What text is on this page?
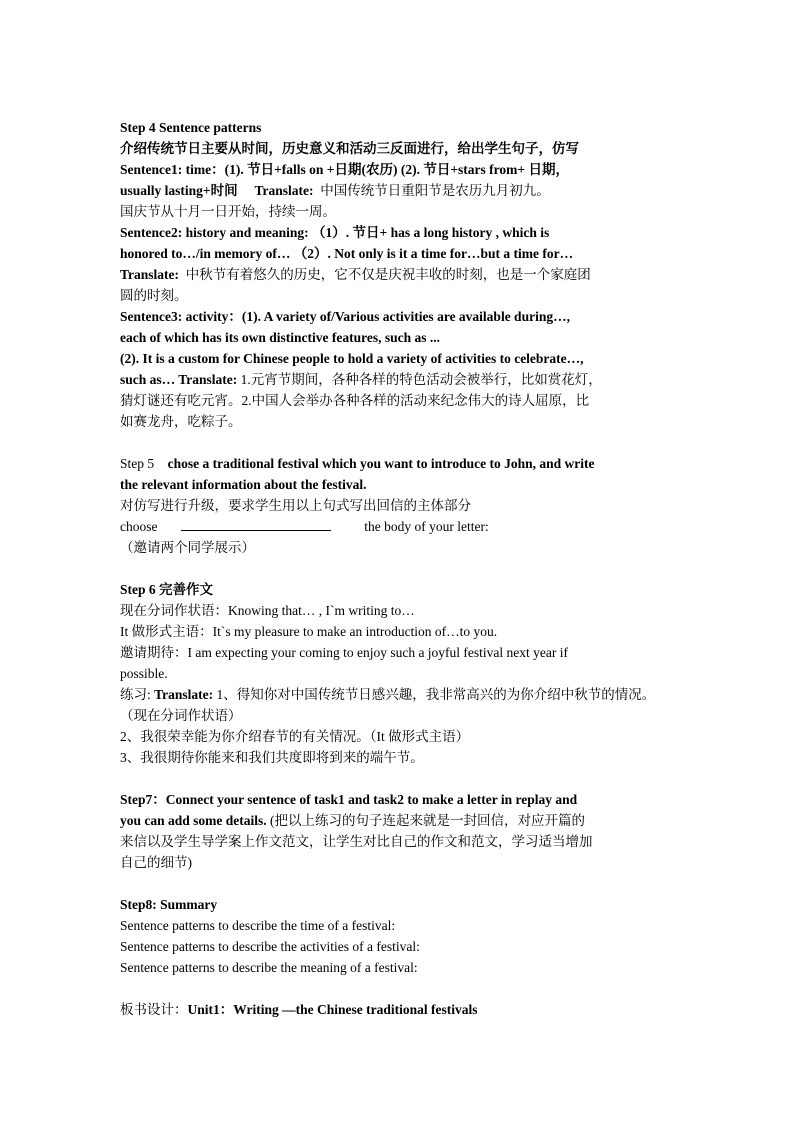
Step 4 Sentence patterns
介绍传统节日主要从时间，历史意义和活动三反面进行，给出学生句子，仿写
Sentence1: time：(1). 节日+falls on +日期(农历) (2). 节日+stars from+ 日期，
usually lasting+时间 Translate: 中国传统节日重阳节是农历九月初九。
国庆节从十月一日开始，持续一周。
Sentence2: history and meaning: （1）. 节日+ has a long history , which is
honored to…/in memory of… （2）. Not only is it a time for…but a time for…
Translate: 中秋节有着悠久的历史，它不仅是庆祝丰收的时刻，也是一个家庭团
圆的时刻。
Sentence3: activity：(1). A variety of/Various activities are available during…,
each of which has its own distinctive features, such as ...
(2). It is a custom for Chinese people to hold a variety of activities to celebrate…,
such as… Translate: 1.元宵节期间，各种各样的特色活动会被举行，比如赏花灯，
猜灯谜还有吃元宵。2.中国人会举办各种各样的活动来纪念伟大的诗人屈原，比
如赛龙舟，吃粽子。
Step 5 chose a traditional festival which you want to introduce to John, and write
the relevant information about the festival.
对仿写进行升级，要求学生用以上句式写出回信的主体部分
choose	the body of your letter:
（邀请两个同学展示）
Step 6 完善作文
现在分词作状语：Knowing that… , I`m writing to…
It 做形式主语：It`s my pleasure to make an introduction of…to you.
邀请期待：I am expecting your coming to enjoy such a joyful festival next year if
possible.
练习: Translate: 1、得知你对中国传统节日感兴趣，我非常高兴的为你介绍中秋节的情况。
（现在分词作状语）
2、我很荣幸能为你介绍春节的有关情况。（It 做形式主语）
3、我很期待你能来和我们共度即将到来的端午节。
Step7：Connect your sentence of task1 and task2 to make a letter in replay and
you can add some details. (把以上练习的句子连起来就是一封回信，对应开篇的
来信以及学生导学案上作文范文，让学生对比自己的作文和范文，学习适当增加
自己的细节)
Step8: Summary
Sentence patterns to describe the time of a festival:
Sentence patterns to describe the activities of a festival:
Sentence patterns to describe the meaning of a festival:
板书设计：Unit1：Writing —the Chinese traditional festivals
